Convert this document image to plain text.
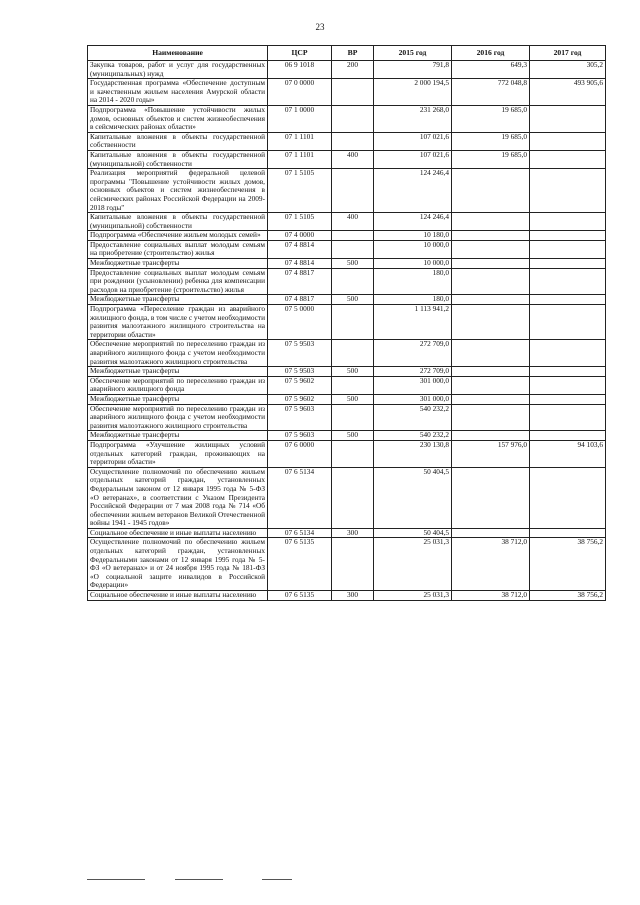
23
Наименование	ЦСР	ВР	2015 год	2016 год	2017 год
Закупка товаров, работ и услуг для государственных (муниципальных) нужд	06 9 1018	200	791,8	649,3	305,2
Государственная программа «Обеспечение доступным и качественным жильем населения Амурской области на 2014 - 2020 годы»	07 0 0000		2 000 194,5	772 048,8	493 905,6
Подпрограмма «Повышение устойчивости жилых домов, основных объектов и систем жизнеобеспечения в сейсмических районах области»	07 1 0000		231 268,0	19 685,0	
Капитальные вложения в объекты государственной собственности	07 1 1101		107 021,6	19 685,0	
Капитальные вложения в объекты государственной (муниципальной) собственности	07 1 1101	400	107 021,6	19 685,0	
Реализация мероприятий федеральной целевой программы "Повышение устойчивости жилых домов, основных объектов и систем жизнеобеспечения в сейсмических районах Российской Федерации на 2009-2018 годы"	07 1 5105		124 246,4		
Капитальные вложения в объекты государственной (муниципальной) собственности	07 1 5105	400	124 246,4		
Подпрограмма «Обеспечение жильем молодых семей»	07 4 0000		10 180,0		
Предоставление социальных выплат молодым семьям на приобретение (строительство) жилья	07 4 8814		10 000,0		
Межбюджетные трансферты	07 4 8814	500	10 000,0		
Предоставление социальных выплат молодым семьям при рождении (усыновлении) ребенка для компенсации расходов на приобретение (строительство) жилья	07 4 8817		180,0		
Межбюджетные трансферты	07 4 8817	500	180,0		
Подпрограмма «Переселение граждан из аварийного жилищного фонда, в том числе с учетом необходимости развития малоэтажного жилищного строительства на территории области»	07 5 0000		1 113 941,2		
Обеспечение мероприятий по переселению граждан из аварийного жилищного фонда с учетом необходимости развития малоэтажного жилищного строительства	07 5 9503		272 709,0		
Межбюджетные трансферты	07 5 9503	500	272 709,0		
Обеспечение мероприятий по переселению граждан из аварийного жилищного фонда	07 5 9602		301 000,0		
Межбюджетные трансферты	07 5 9602	500	301 000,0		
Обеспечение мероприятий по переселению граждан из аварийного жилищного фонда с учетом необходимости развития малоэтажного жилищного строительства	07 5 9603		540 232,2		
Межбюджетные трансферты	07 5 9603	500	540 232,2		
Подпрограмма «Улучшение жилищных условий отдельных категорий граждан, проживающих на территории области»	07 6 0000		230 130,8	157 976,0	94 103,6
Осуществление полномочий по обеспечению жильем отдельных категорий граждан, установленных Федеральным законом от 12 января 1995 года № 5-ФЗ «О ветеранах», в соответствии с Указом Президента Российской Федерации от 7 мая 2008 года № 714 «Об обеспечении жильем ветеранов Великой Отечественной войны 1941 - 1945 годов»	07 6 5134		50 404,5		
Социальное обеспечение и иные выплаты населению	07 6 5134	300	50 404,5		
Осуществление полномочий по обеспечению жильем отдельных категорий граждан, установленных Федеральными законами от 12 января 1995 года № 5-ФЗ «О ветеранах» и от 24 ноября 1995 года № 181-ФЗ «О социальной защите инвалидов в Российской Федерации»	07 6 5135		25 031,3	38 712,0	38 756,2
Социальное обеспечение и иные выплаты населению	07 6 5135	300	25 031,3	38 712,0	38 756,2
